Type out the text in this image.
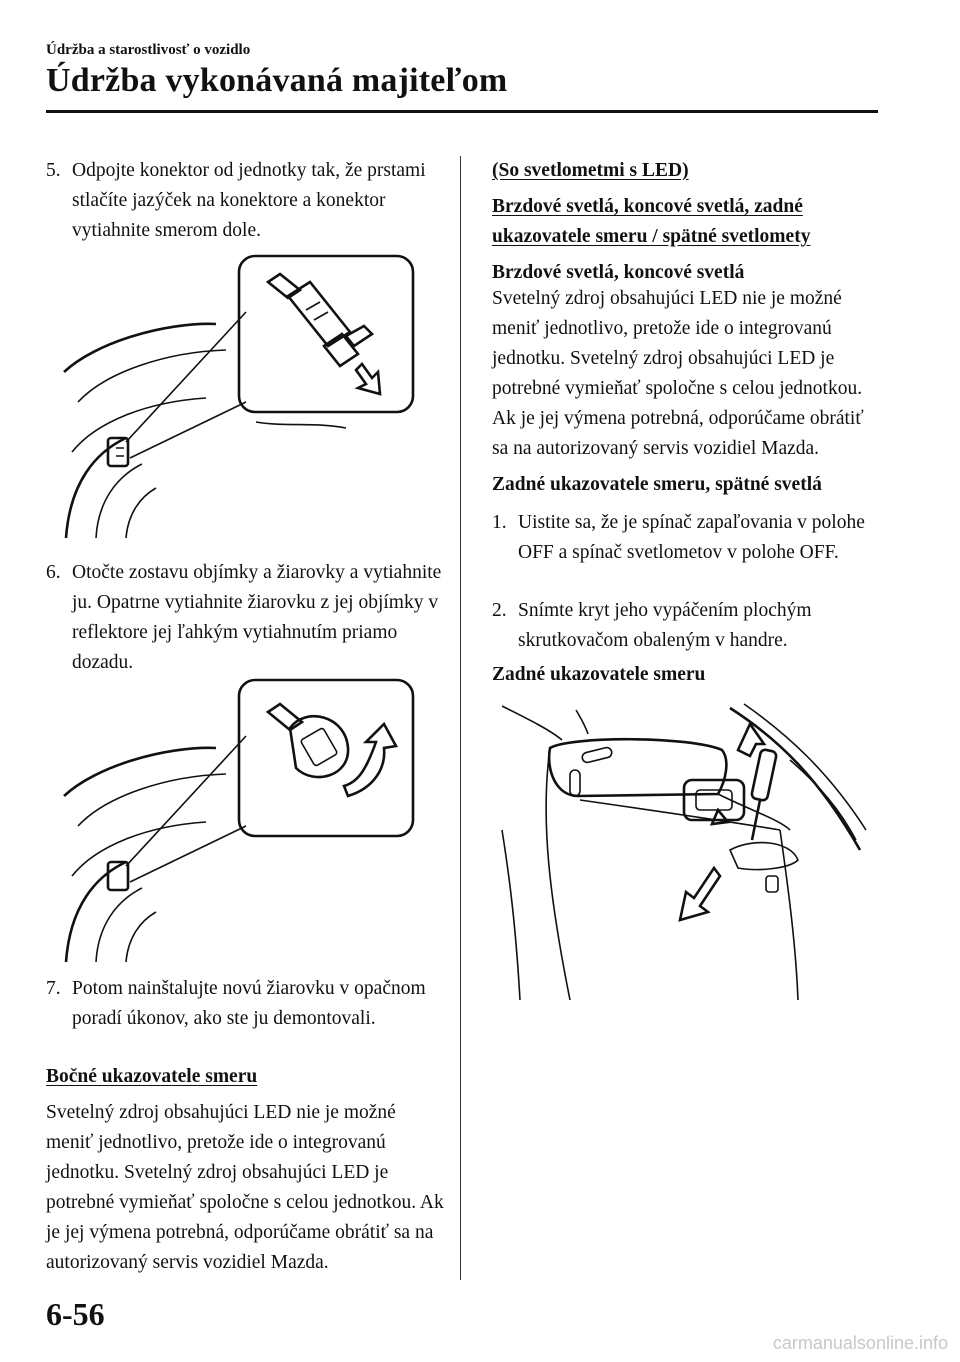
Údržba a starostlivosť o vozidlo
Údržba vykonávaná majiteľom
5. Odpojte konektor od jednotky tak, že prstami stlačíte jazýček na konektore a konektor vytiahnite smerom dole.
6. Otočte zostavu objímky a žiarovky a vytiahnite ju. Opatrne vytiahnite žiarovku z jej objímky v reflektore jej ľahkým vytiahnutím priamo dozadu.
7. Potom nainštalujte novú žiarovku v opačnom poradí úkonov, ako ste ju demontovali.
Bočné ukazovatele smeru
Svetelný zdroj obsahujúci LED nie je možné meniť jednotlivo, pretože ide o integrovanú jednotku. Svetelný zdroj obsahujúci LED je potrebné vymieňať spoločne s celou jednotkou. Ak je jej výmena potrebná, odporúčame obrátiť sa na autorizovaný servis vozidiel Mazda.
(So svetlometmi s LED)
Brzdové svetlá, koncové svetlá, zadné ukazovatele smeru / spätné svetlomety
Brzdové svetlá, koncové svetlá
Svetelný zdroj obsahujúci LED nie je možné meniť jednotlivo, pretože ide o integrovanú jednotku. Svetelný zdroj obsahujúci LED je potrebné vymieňať spoločne s celou jednotkou. Ak je jej výmena potrebná, odporúčame obrátiť sa na autorizovaný servis vozidiel Mazda.
Zadné ukazovatele smeru, spätné svetlá
1. Uistite sa, že je spínač zapaľovania v polohe OFF a spínač svetlometov v polohe OFF.
2. Snímte kryt jeho vypáčením plochým skrutkovačom obaleným v handre.
Zadné ukazovatele smeru
6-56
carmanualsonline.info
